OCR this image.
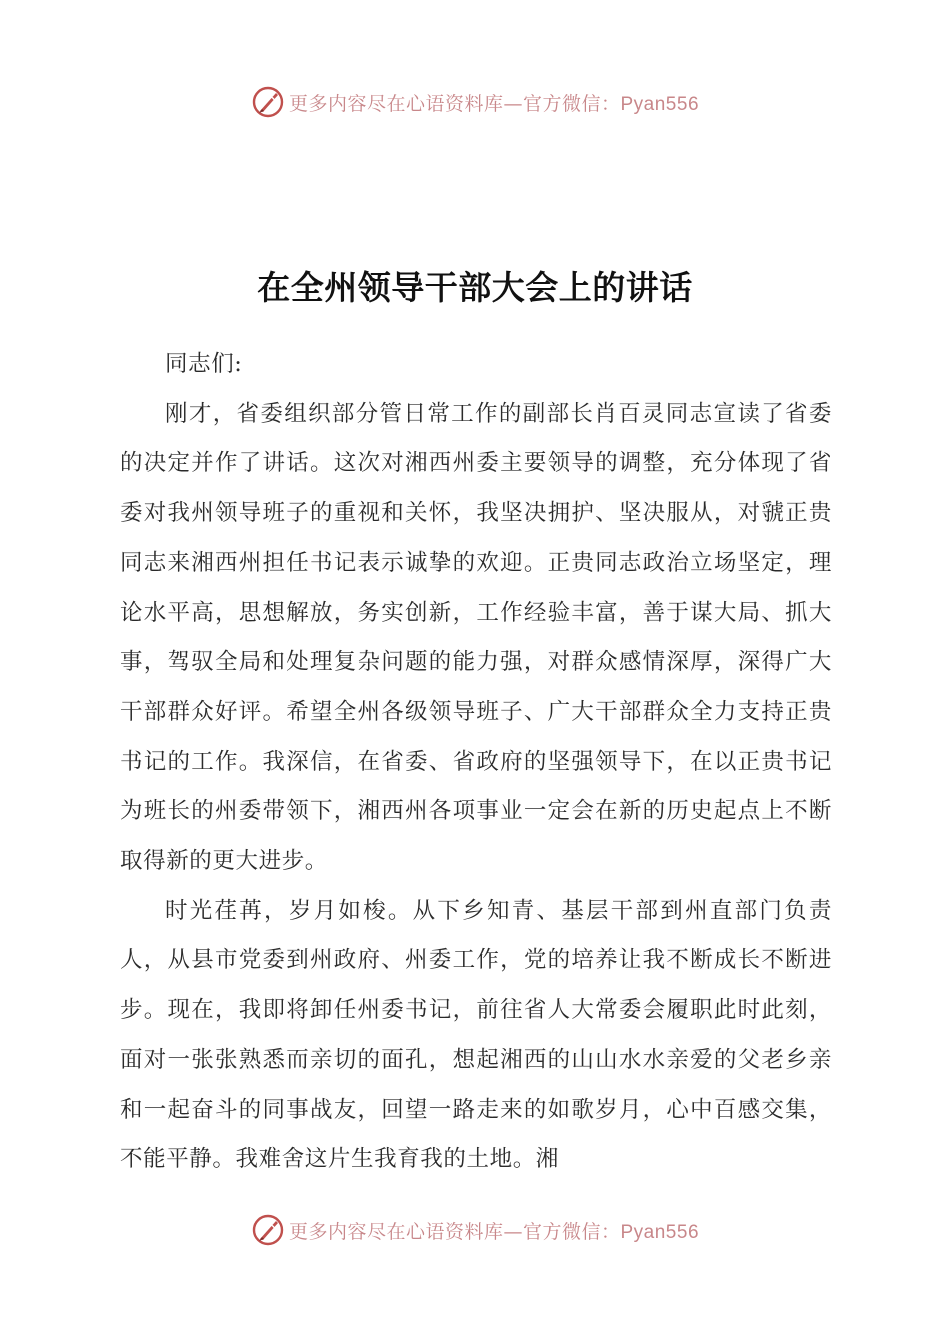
更多内容尽在心语资料库—官方微信：Pyan556
在全州领导干部大会上的讲话

同志们:

刚才，省委组织部分管日常工作的副部长肖百灵同志宣读了省委的决定并作了讲话。这次对湘西州委主要领导的调整，充分体现了省委对我州领导班子的重视和关怀，我坚决拥护、坚决服从，对虢正贵同志来湘西州担任书记表示诚挚的欢迎。正贵同志政治立场坚定，理论水平高，思想解放，务实创新，工作经验丰富，善于谋大局、抓大事，驾驭全局和处理复杂问题的能力强，对群众感情深厚，深得广大干部群众好评。希望全州各级领导班子、广大干部群众全力支持正贵书记的工作。我深信，在省委、省政府的坚强领导下，在以正贵书记为班长的州委带领下，湘西州各项事业一定会在新的历史起点上不断取得新的更大进步。

时光荏苒，岁月如梭。从下乡知青、基层干部到州直部门负责人，从县市党委到州政府、州委工作，党的培养让我不断成长不断进步。现在，我即将卸任州委书记，前往省人大常委会履职此时此刻，面对一张张熟悉而亲切的面孔，想起湘西的山山水水亲爱的父老乡亲和一起奋斗的同事战友，回望一路走来的如歌岁月，心中百感交集，不能平静。我难舍这片生我育我的土地。湘

更多内容尽在心语资料库—官方微信：Pyan556
